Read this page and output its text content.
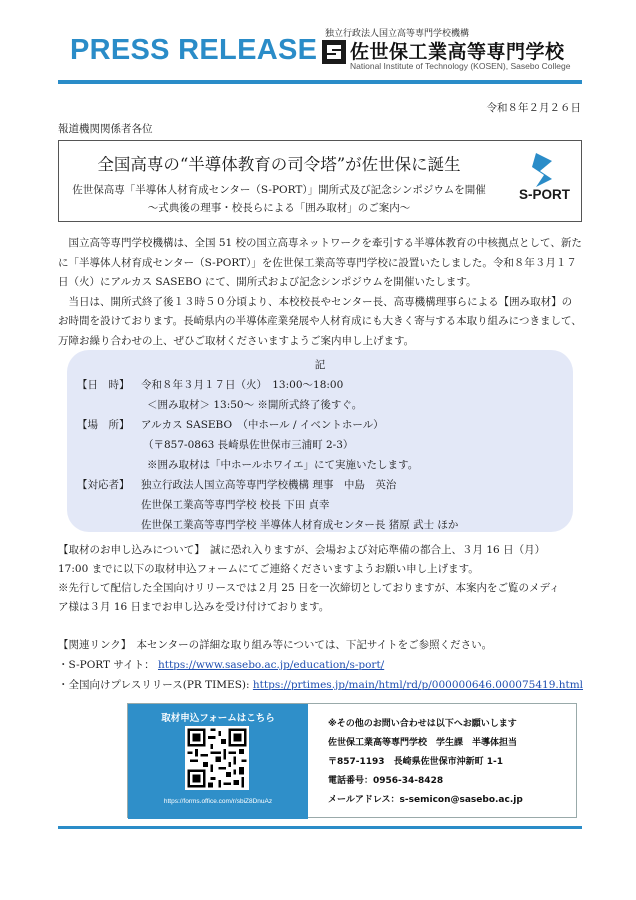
PRESS RELEASE 独立行政法人国立高等専門学校機構
佐世保工業高等専門学校
National Institute of Technology (KOSEN), Sasebo College
令和８年２月２６日
報道機関関係者各位
全国高専の“半導体教育の司令塔”が佐世保に誕生
佐世保高専「半導体人材育成センター（S-PORT）」開所式及び記念シンポジウムを開催
～式典後の理事・校長らによる「囲み取材」のご案内～
S-PORT

国立高等専門学校機構は、全国 51 校の国立高専ネットワークを牽引する半導体教育の中核拠点として、新たに「半導体人材育成センター（S-PORT）」を佐世保工業高等専門学校に設置いたしました。令和８年３月１７日（火）にアルカス SASEBO にて、開所式および記念シンポジウムを開催いたします。

当日は、開所式終了後１３時５０分頃より、本校校長やセンター長、高専機構理事らによる【囲み取材】のお時間を設けております。長崎県内の半導体産業発展や人材育成にも大きく寄与する本取り組みにつきまして、万障お繰り合わせの上、ぜひご取材くださいますようご案内申し上げます。

記
【日　時】 令和８年３月１７日（火）　13:00～18:00
＜囲み取材＞ 13:50～ ※開所式終了後すぐ。
【場　所】 アルカス SASEBO　（中ホール / イベントホール）
（〒857-0863 長崎県佐世保市三浦町 2-3）
※囲み取材は「中ホールホワイエ」にて実施いたします。
【対応者】 独立行政法人国立高等専門学校機構 理事　中島　英治
佐世保工業高等専門学校 校長 下田 貞幸
佐世保工業高等専門学校 半導体人材育成センター長 猪原 武士 ほか
【取材のお申し込みについて】　誠に恐れ入りますが、会場および対応準備の都合上、３月 16 日（月）
17:00 までに以下の取材申込フォームにてご連絡くださいますようお願い申し上げます。
※先行して配信した全国向けリリースでは２月 25 日を一次締切としておりますが、本案内をご覧のメディ
ア様は３月 16 日までお申し込みを受け付けております。
【関連リンク】　本センターの詳細な取り組み等については、下記サイトをご参照ください。
・S-PORT サイト： https://www.sasebo.ac.jp/education/s-port/
・全国向けプレスリリース(PR TIMES): https://prtimes.jp/main/html/rd/p/000000646.000075419.html
取材申込フォームはこちら
https://forms.office.com/r/sbiZ8DnuAz
※その他のお問い合わせは以下へお願いします
佐世保工業高等専門学校　学生課　半導体担当
〒857-1193　長崎県佐世保市沖新町 1-1
電話番号：0956-34-8428
メールアドレス：s-semicon@sasebo.ac.jp
